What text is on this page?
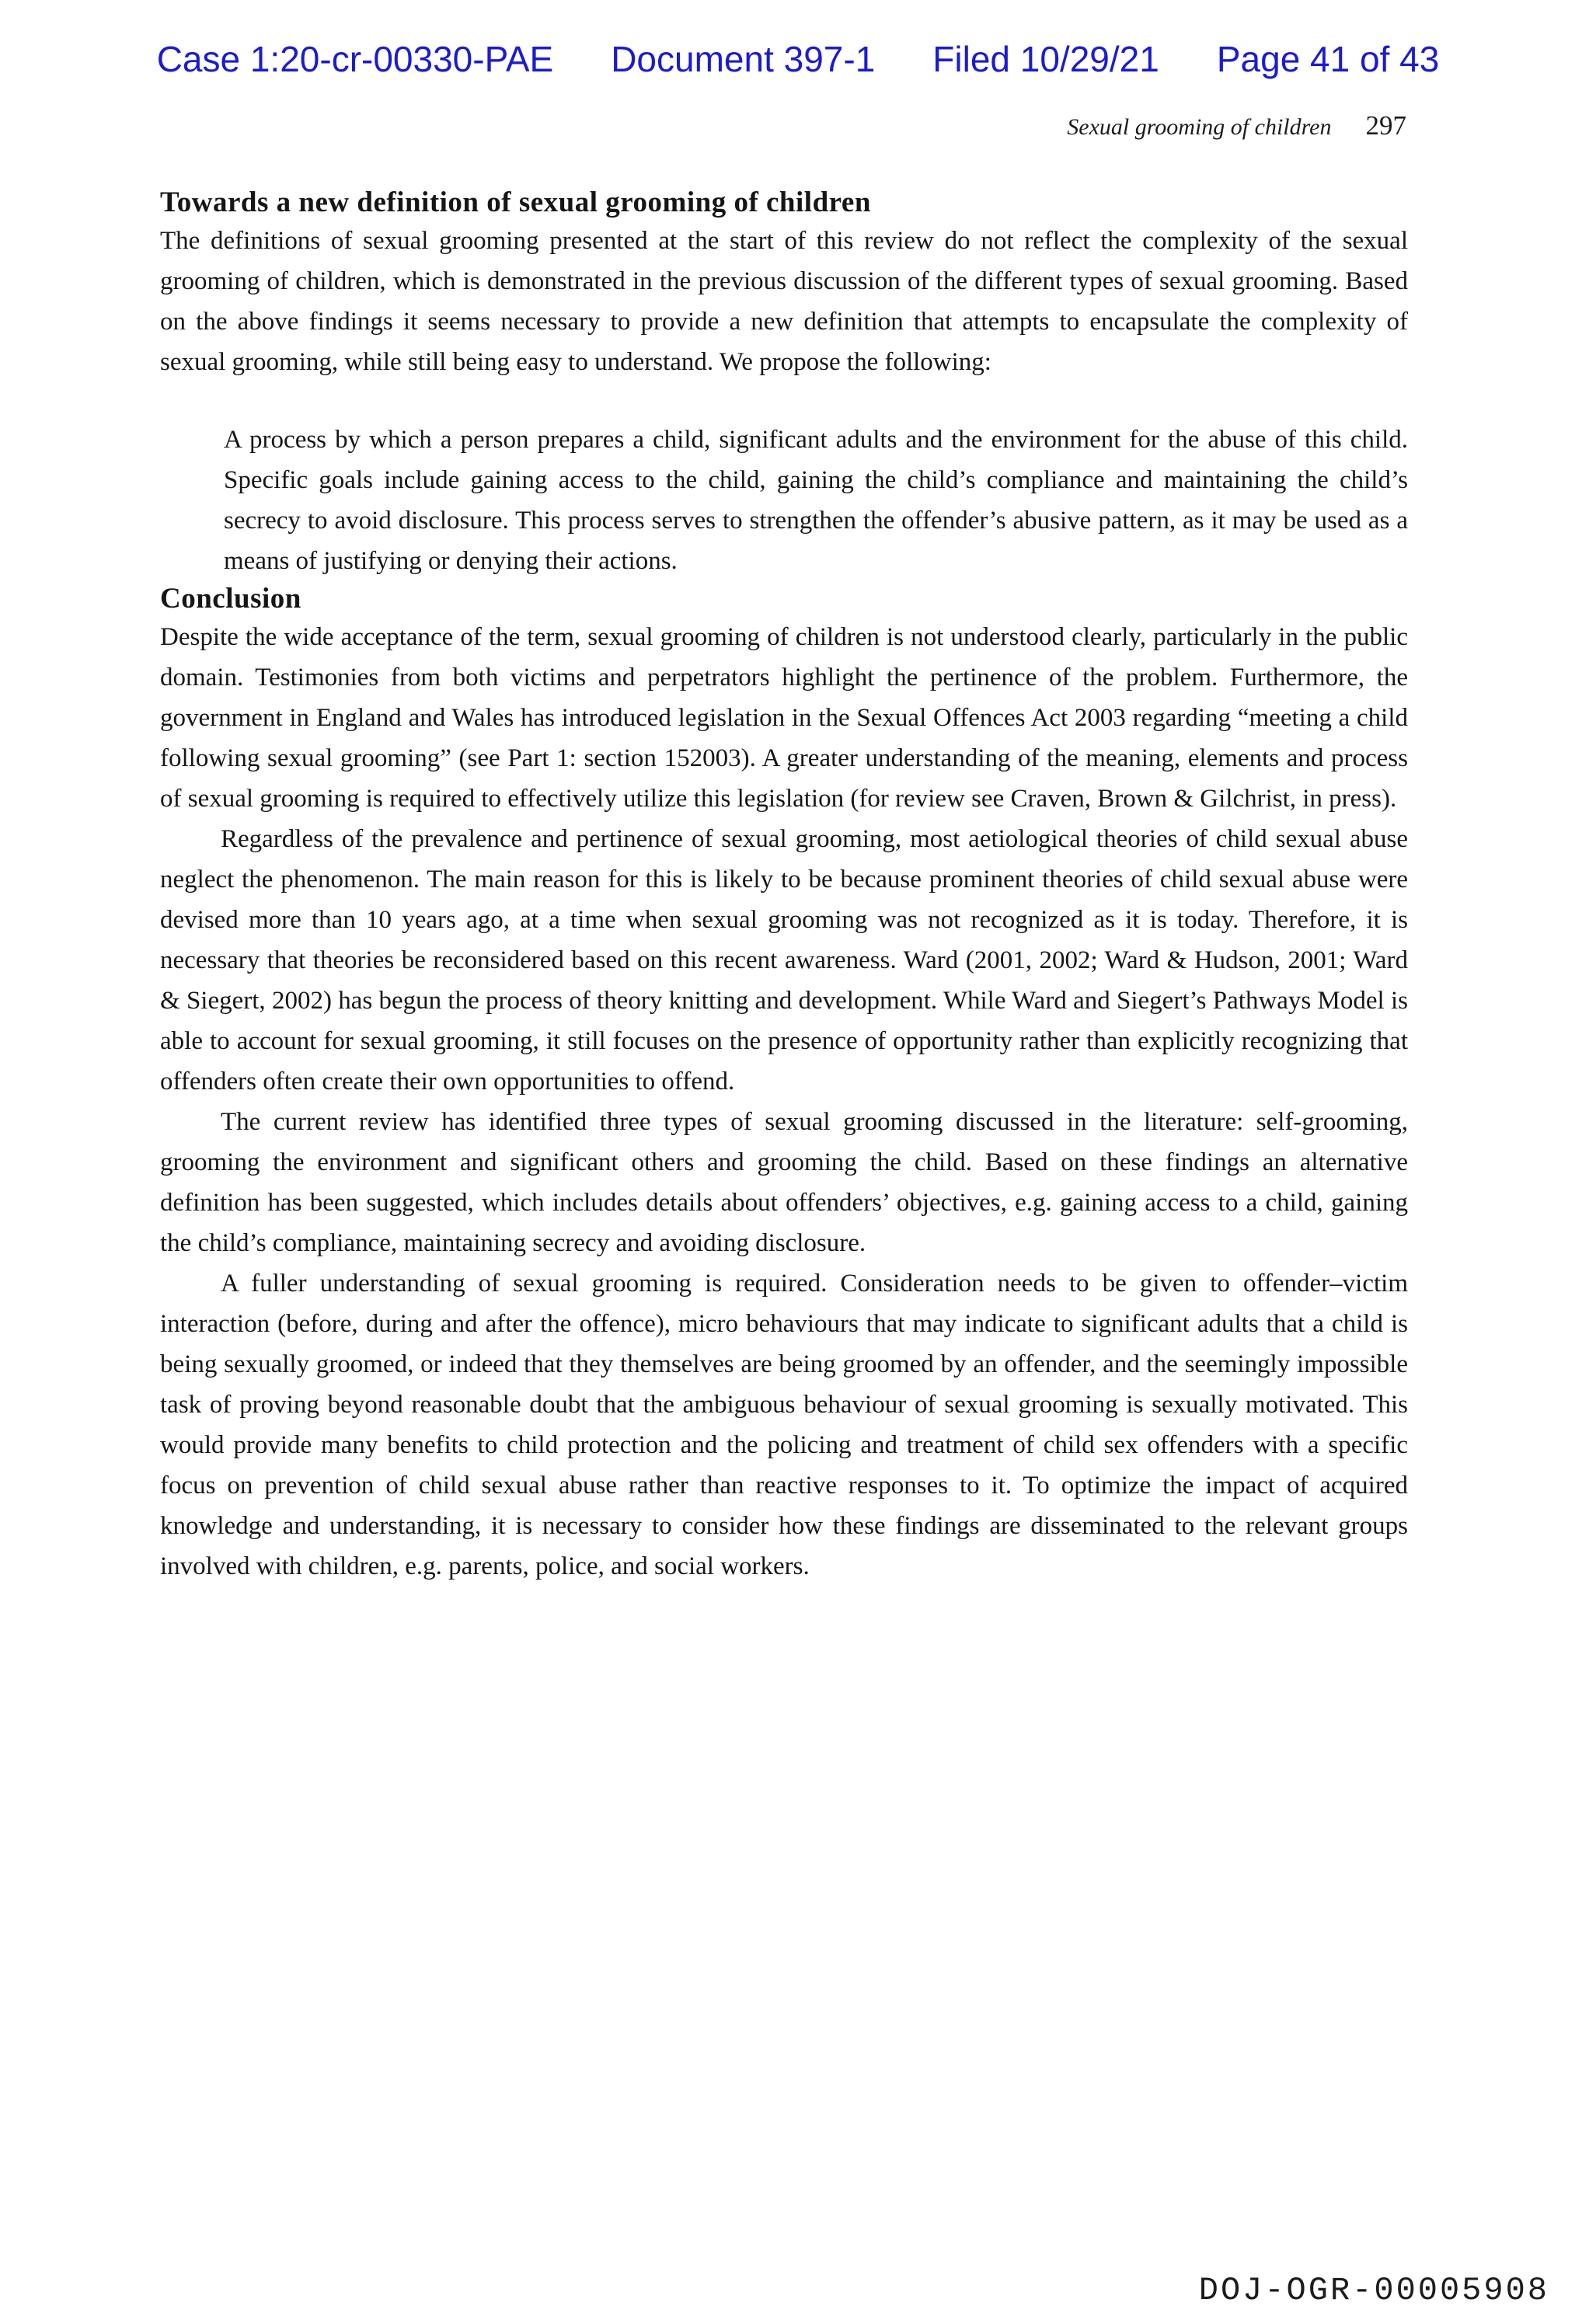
Case 1:20-cr-00330-PAE Document 397-1 Filed 10/29/21 Page 41 of 43
Sexual grooming of children 297
Towards a new definition of sexual grooming of children

The definitions of sexual grooming presented at the start of this review do not reflect the complexity of the sexual grooming of children, which is demonstrated in the previous discussion of the different types of sexual grooming. Based on the above findings it seems necessary to provide a new definition that attempts to encapsulate the complexity of sexual grooming, while still being easy to understand. We propose the following:

A process by which a person prepares a child, significant adults and the environment for the abuse of this child. Specific goals include gaining access to the child, gaining the child’s compliance and maintaining the child’s secrecy to avoid disclosure. This process serves to strengthen the offender’s abusive pattern, as it may be used as a means of justifying or denying their actions.
Conclusion

Despite the wide acceptance of the term, sexual grooming of children is not understood clearly, particularly in the public domain. Testimonies from both victims and perpetrators highlight the pertinence of the problem. Furthermore, the government in England and Wales has introduced legislation in the Sexual Offences Act 2003 regarding “meeting a child following sexual grooming” (see Part 1: section 152003). A greater understanding of the meaning, elements and process of sexual grooming is required to effectively utilize this legislation (for review see Craven, Brown & Gilchrist, in press).

Regardless of the prevalence and pertinence of sexual grooming, most aetiological theories of child sexual abuse neglect the phenomenon. The main reason for this is likely to be because prominent theories of child sexual abuse were devised more than 10 years ago, at a time when sexual grooming was not recognized as it is today. Therefore, it is necessary that theories be reconsidered based on this recent awareness. Ward (2001, 2002; Ward & Hudson, 2001; Ward & Siegert, 2002) has begun the process of theory knitting and development. While Ward and Siegert’s Pathways Model is able to account for sexual grooming, it still focuses on the presence of opportunity rather than explicitly recognizing that offenders often create their own opportunities to offend.

The current review has identified three types of sexual grooming discussed in the literature: self-grooming, grooming the environment and significant others and grooming the child. Based on these findings an alternative definition has been suggested, which includes details about offenders’ objectives, e.g. gaining access to a child, gaining the child’s compliance, maintaining secrecy and avoiding disclosure.

A fuller understanding of sexual grooming is required. Consideration needs to be given to offender–victim interaction (before, during and after the offence), micro behaviours that may indicate to significant adults that a child is being sexually groomed, or indeed that they themselves are being groomed by an offender, and the seemingly impossible task of proving beyond reasonable doubt that the ambiguous behaviour of sexual grooming is sexually motivated. This would provide many benefits to child protection and the policing and treatment of child sex offenders with a specific focus on prevention of child sexual abuse rather than reactive responses to it. To optimize the impact of acquired knowledge and understanding, it is necessary to consider how these findings are disseminated to the relevant groups involved with children, e.g. parents, police, and social workers.

DOJ-OGR-00005908
